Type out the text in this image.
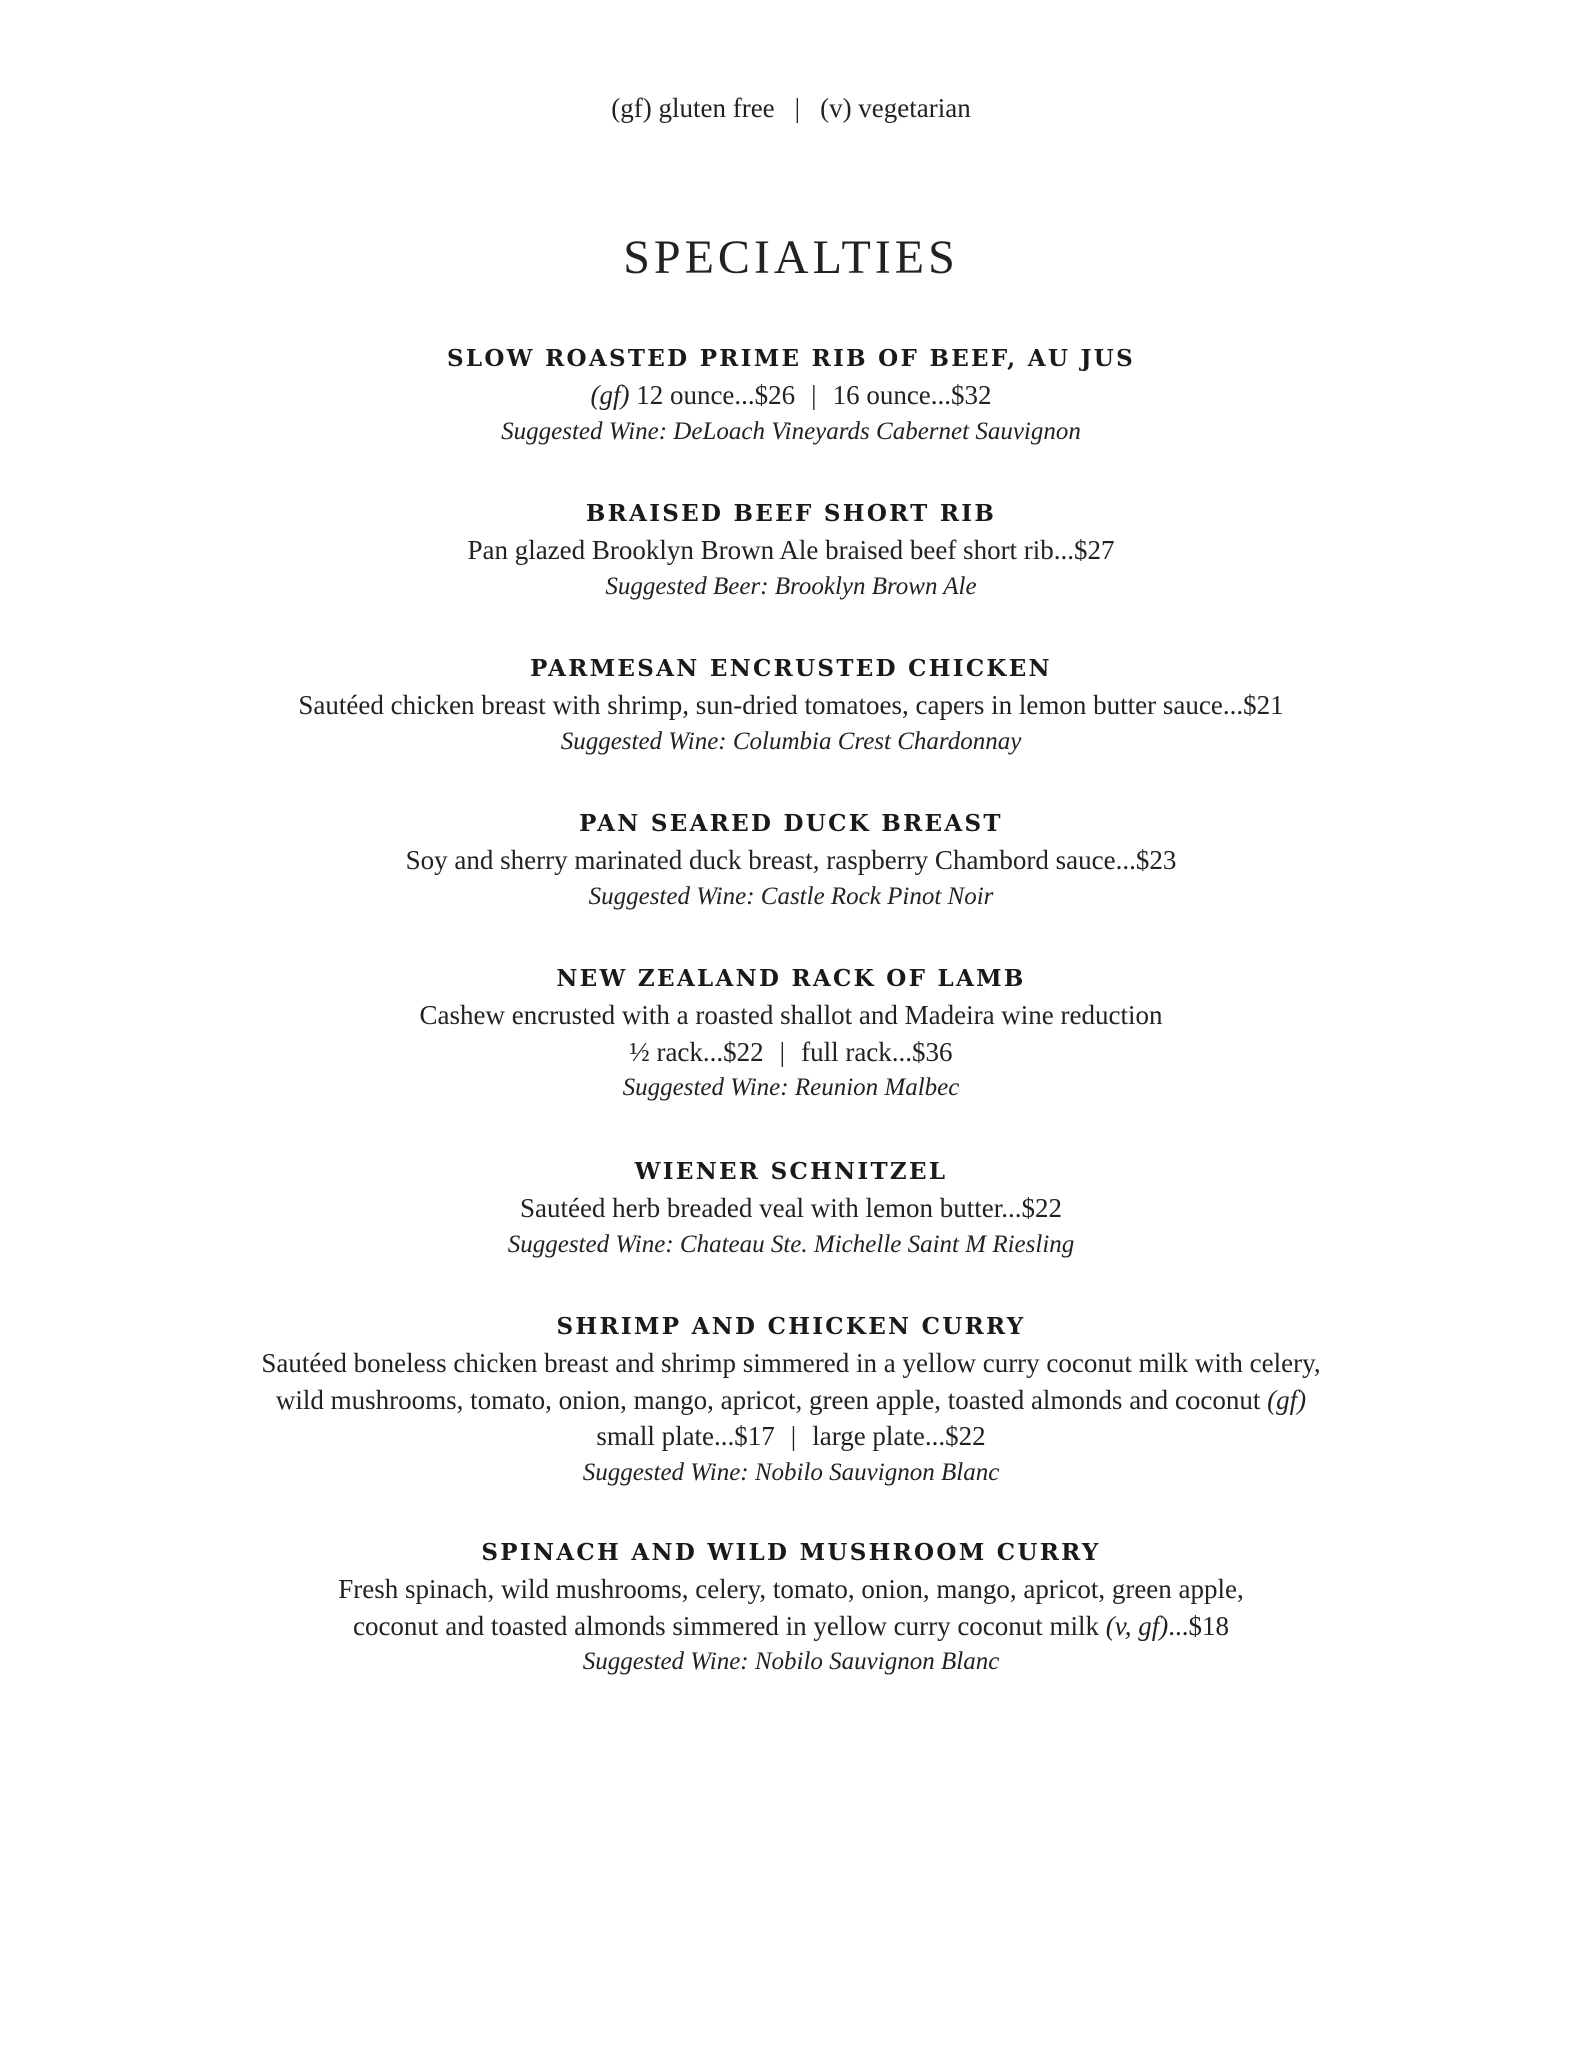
(gf) gluten free | (v) vegetarian
SPECIALTIES
SLOW ROASTED PRIME RIB OF BEEF, AU JUS
(gf) 12 ounce...$26 | 16 ounce...$32
Suggested Wine: DeLoach Vineyards Cabernet Sauvignon
BRAISED BEEF SHORT RIB
Pan glazed Brooklyn Brown Ale braised beef short rib...$27
Suggested Beer: Brooklyn Brown Ale
PARMESAN ENCRUSTED CHICKEN
Sautéed chicken breast with shrimp, sun-dried tomatoes, capers in lemon butter sauce...$21
Suggested Wine: Columbia Crest Chardonnay
PAN SEARED DUCK BREAST
Soy and sherry marinated duck breast, raspberry Chambord sauce...$23
Suggested Wine: Castle Rock Pinot Noir
NEW ZEALAND RACK OF LAMB
Cashew encrusted with a roasted shallot and Madeira wine reduction
½ rack...$22 | full rack...$36
Suggested Wine: Reunion Malbec
WIENER SCHNITZEL
Sautéed herb breaded veal with lemon butter...$22
Suggested Wine: Chateau Ste. Michelle Saint M Riesling
SHRIMP AND CHICKEN CURRY
Sautéed boneless chicken breast and shrimp simmered in a yellow curry coconut milk with celery,
wild mushrooms, tomato, onion, mango, apricot, green apple, toasted almonds and coconut (gf)
small plate...$17 | large plate...$22
Suggested Wine: Nobilo Sauvignon Blanc
SPINACH AND WILD MUSHROOM CURRY
Fresh spinach, wild mushrooms, celery, tomato, onion, mango, apricot, green apple,
coconut and toasted almonds simmered in yellow curry coconut milk (v, gf)...$18
Suggested Wine: Nobilo Sauvignon Blanc
